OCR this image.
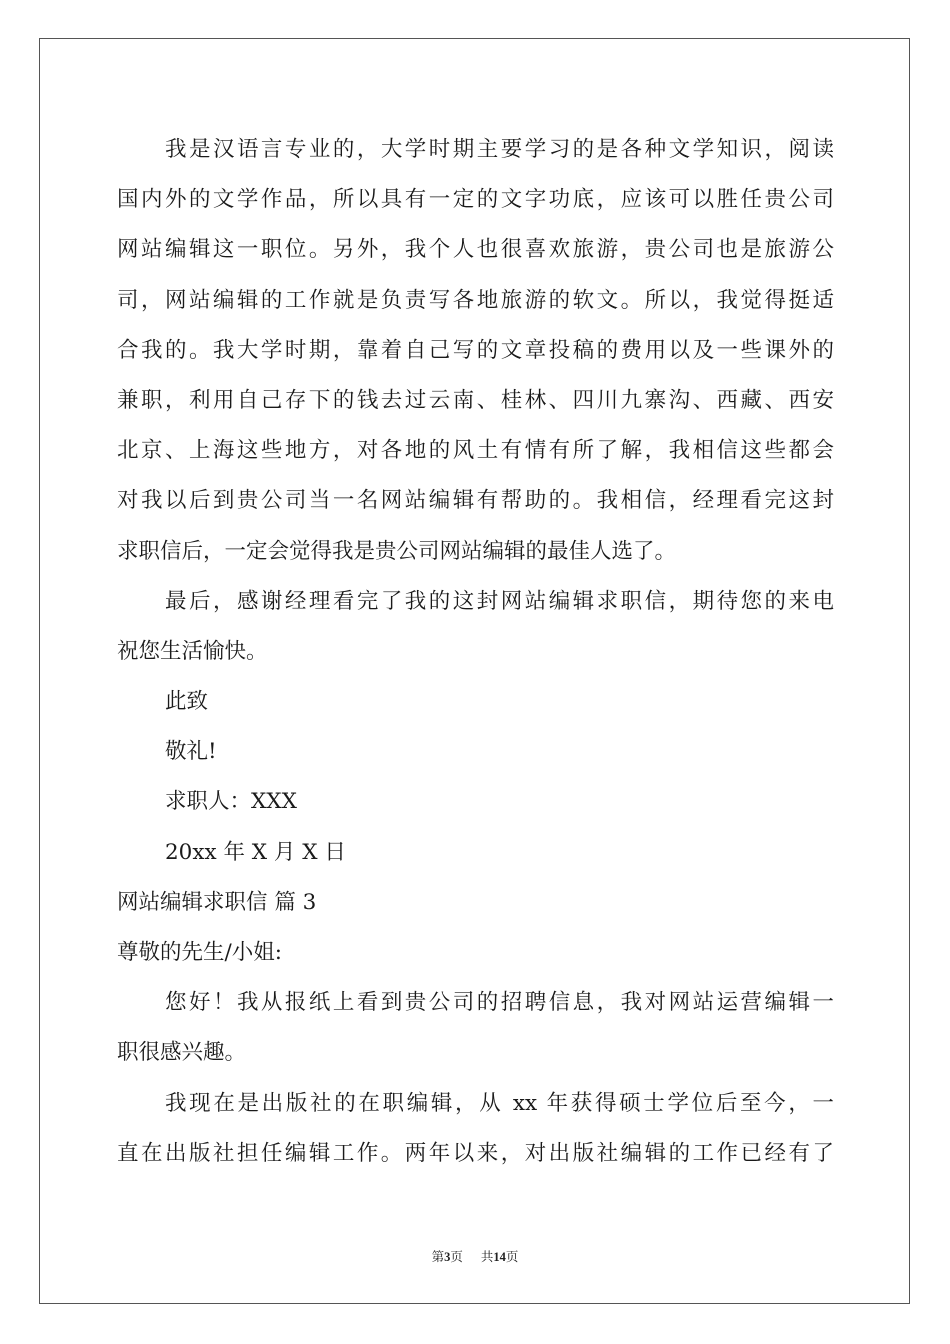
我是汉语言专业的，大学时期主要学习的是各种文学知识，阅读
国内外的文学作品，所以具有一定的文字功底，应该可以胜任贵公司
网站编辑这一职位。另外，我个人也很喜欢旅游，贵公司也是旅游公
司，网站编辑的工作就是负责写各地旅游的软文。所以，我觉得挺适
合我的。我大学时期，靠着自己写的文章投稿的费用以及一些课外的
兼职，利用自己存下的钱去过云南、桂林、四川九寨沟、西藏、西安
北京、上海这些地方，对各地的风土有情有所了解，我相信这些都会
对我以后到贵公司当一名网站编辑有帮助的。我相信，经理看完这封
求职信后，一定会觉得我是贵公司网站编辑的最佳人选了。
最后，感谢经理看完了我的这封网站编辑求职信，期待您的来电
祝您生活愉快。
此致
敬礼!
求职人：XXX
20xx 年 X 月 X 日
网站编辑求职信 篇 3
尊敬的先生/小姐:
您好！我从报纸上看到贵公司的招聘信息，我对网站运营编辑一
职很感兴趣。
我现在是出版社的在职编辑，从 xx 年获得硕士学位后至今，一
直在出版社担任编辑工作。两年以来，对出版社编辑的工作已经有了
第3页 共14页
